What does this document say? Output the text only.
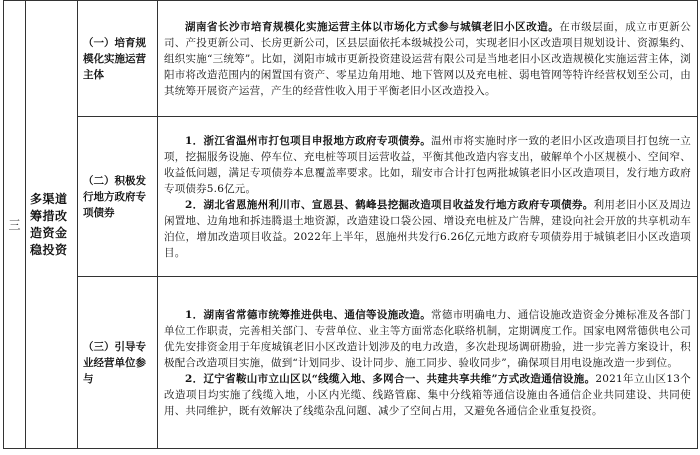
三	多渠道筹措改造资金稳投资	（一）培育规模化实施运营主体	湖南省长沙市培育规模化实施运营主体以市场化方式参与城镇老旧小区改造。在市级层面，成立市更新公司、产投更新公司、长房更新公司，区县层面依托本级城投公司，实现老旧小区改造项目规划设计、资源集约、组织实施“三统筹”。比如，浏阳市城市更新投资建设运营有限公司是当地老旧小区改造规模化实施运营主体，浏阳市将改造范围内的闲置国有资产、零星边角用地、地下管网以及充电桩、弱电管网等特许经营权划至公司，由其统筹开展资产运营，产生的经营性收入用于平衡老旧小区改造投入。

		（二）积极发行地方政府专项债券	1．浙江省温州市打包项目申报地方政府专项债券。温州市将实施时序一致的老旧小区改造项目打包统一立项，挖掘服务设施、停车位、充电桩等项目运营收益，平衡其他改造内容支出，破解单个小区规模小、空间窄、收益低问题，满足专项债券本息覆盖率要求。比如，瑞安市合计打包两批城镇老旧小区改造项目，发行地方政府专项债券5.6亿元。

2．湖北省恩施州利川市、宣恩县、鹤峰县挖掘改造项目收益发行地方政府专项债券。利用老旧小区及周边闲置地、边角地和拆违腾退土地资源，改造建设口袋公园、增设充电桩及广告牌，建设向社会开放的共享机动车泊位，增加改造项目收益。2022年上半年，恩施州共发行6.26亿元地方政府专项债券用于城镇老旧小区改造项目。

		（三）引导专业经营单位参与	1．湖南省常德市统筹推进供电、通信等设施改造。常德市明确电力、通信设施改造资金分摊标准及各部门单位工作职责，完善相关部门、专营单位、业主等方面常态化联络机制，定期调度工作。国家电网常德供电公司优先安排资金用于年度城镇老旧小区改造计划涉及的电力改造，多次赴现场调研勘验，进一步完善方案设计，积极配合改造项目实施，做到“计划同步、设计同步、施工同步、验收同步”，确保项目用电设施改造一步到位。

2．辽宁省鞍山市立山区以“线缆入地、多网合一、共建共享共维”方式改造通信设施。2021年立山区13个改造项目均实施了线缆入地，小区内光缆、线路管廊、集中分线箱等通信设施由各通信企业共同建设、共同使用、共同维护，既有效解决了线缆杂乱问题、减少了空间占用，又避免各通信企业重复投资。
